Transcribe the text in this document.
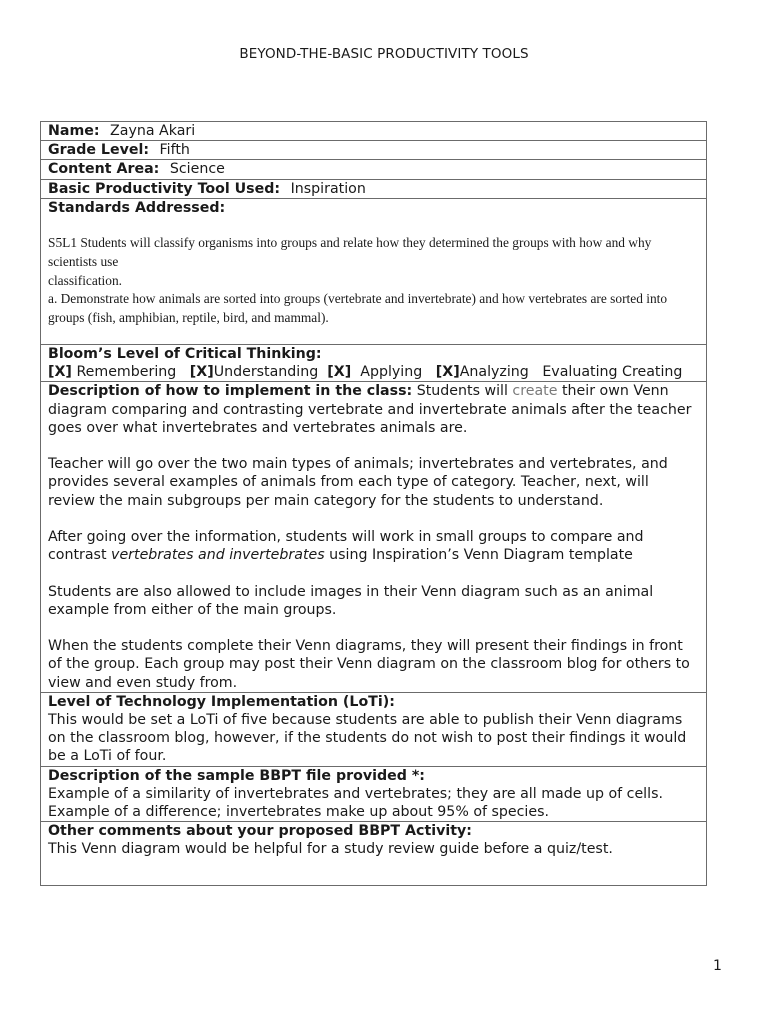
BEYOND-THE-BASIC PRODUCTIVITY TOOLS
Name: Zayna Akari
Grade Level: Fifth
Content Area: Science
Basic Productivity Tool Used: Inspiration

Standards Addressed:

S5L1 Students will classify organisms into groups and relate how they determined the groups with how and why scientists use

classification.

a. Demonstrate how animals are sorted into groups (vertebrate and invertebrate) and how vertebrates are sorted into groups (fish, amphibian, reptile, bird, and mammal).

Bloom’s Level of Critical Thinking:
[X] Remembering [X]Understanding [X] Applying [X]Analyzing Evaluating Creating

Description of how to implement in the class: Students will create their own Venn diagram comparing and contrasting vertebrate and invertebrate animals after the teacher goes over what invertebrates and vertebrates animals are.

Teacher will go over the two main types of animals; invertebrates and vertebrates, and provides several examples of animals from each type of category. Teacher, next, will review the main subgroups per main category for the students to understand.

After going over the information, students will work in small groups to compare and contrast vertebrates and invertebrates using Inspiration’s Venn Diagram template

Students are also allowed to include images in their Venn diagram such as an animal example from either of the main groups.

When the students complete their Venn diagrams, they will present their findings in front of the group. Each group may post their Venn diagram on the classroom blog for others to view and even study from.

Level of Technology Implementation (LoTi):
This would be set a LoTi of five because students are able to publish their Venn diagrams on the classroom blog, however, if the students do not wish to post their findings it would be a LoTi of four.

Description of the sample BBPT file provided *:
Example of a similarity of invertebrates and vertebrates; they are all made up of cells.
Example of a difference; invertebrates make up about 95% of species.

Other comments about your proposed BBPT Activity:
This Venn diagram would be helpful for a study review guide before a quiz/test.
1
